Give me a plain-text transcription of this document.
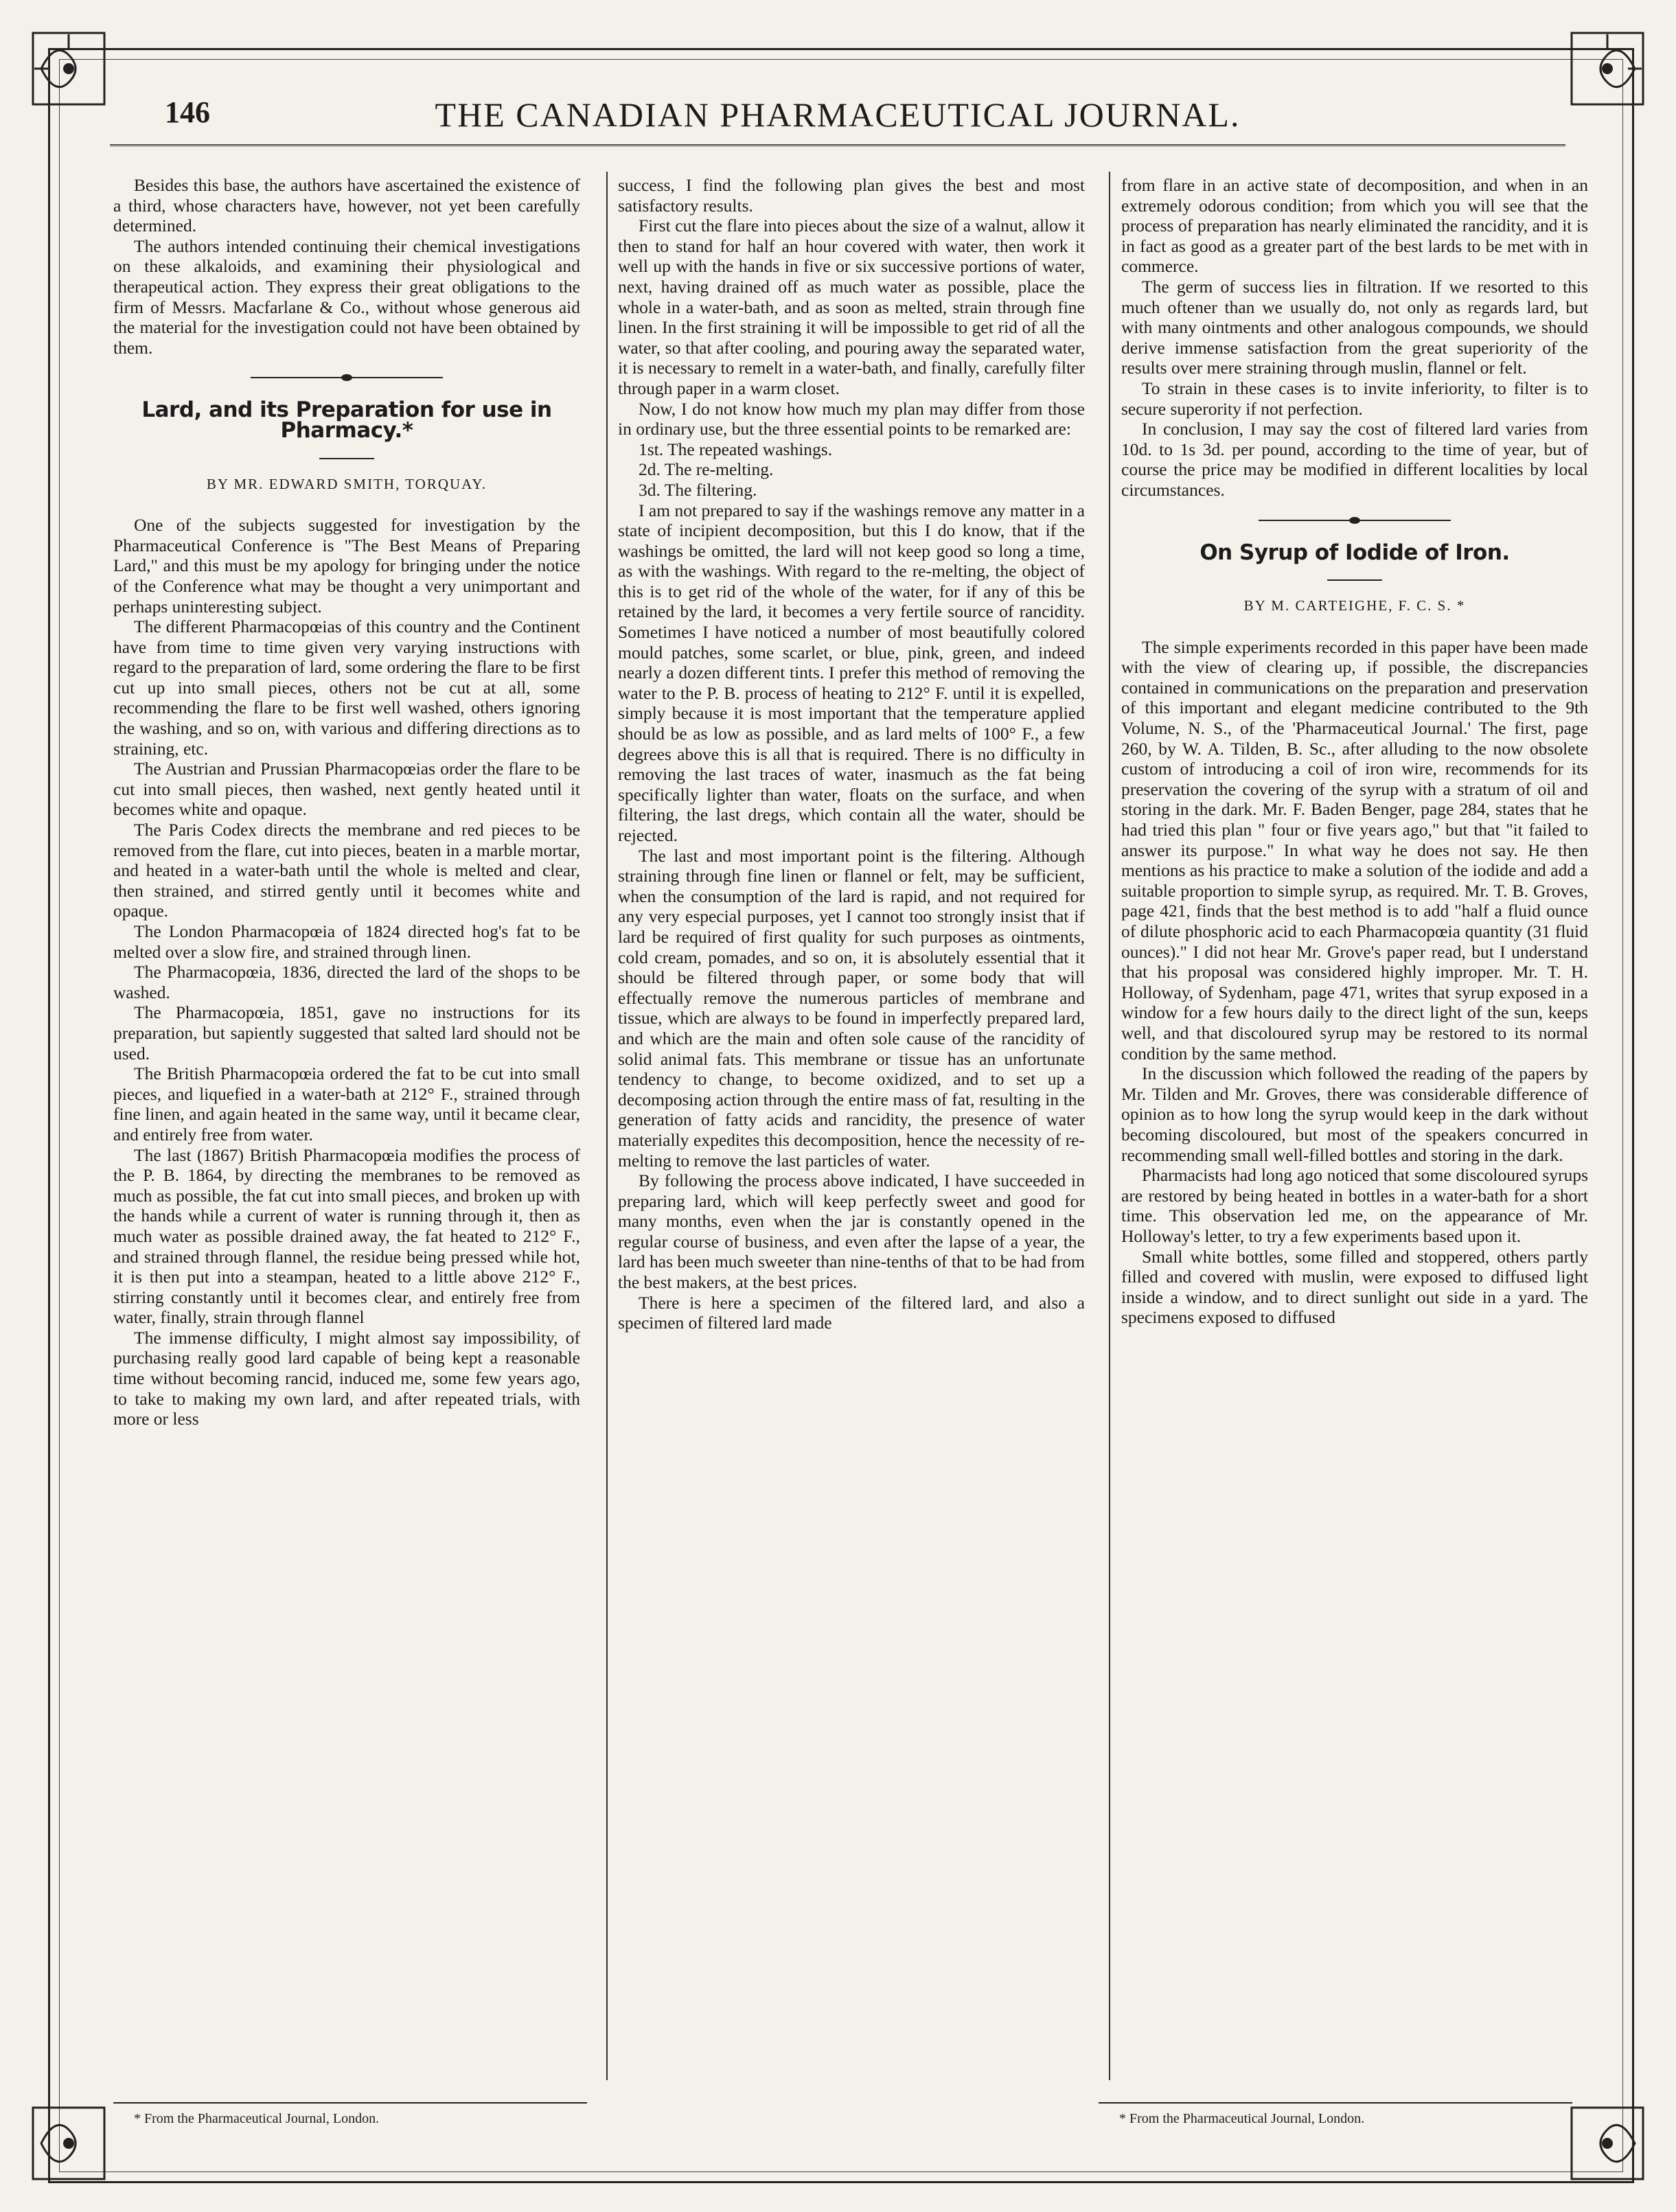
146	THE CANADIAN PHARMACEUTICAL JOURNAL.

Besides this base, the authors have ascertained the existence of a third, whose characters have, however, not yet been carefully determined.

The authors intended continuing their chemical investigations on these alkaloids, and examining their physiological and therapeutical action. They express their great obligations to the firm of Messrs. Macfarlane & Co., without whose generous aid the material for the investigation could not have been obtained by them.

Lard, and its Preparation for use in Pharmacy.*
BY MR. EDWARD SMITH, TORQUAY.

One of the subjects suggested for investigation by the Pharmaceutical Conference is "The Best Means of Preparing Lard," and this must be my apology for bringing under the notice of the Conference what may be thought a very unimportant and perhaps uninteresting subject.

The different Pharmacopœias of this country and the Continent have from time to time given very varying instructions with regard to the preparation of lard, some ordering the flare to be first cut up into small pieces, others not be cut at all, some recommending the flare to be first well washed, others ignoring the washing, and so on, with various and differing directions as to straining, etc.

The Austrian and Prussian Pharmacopœias order the flare to be cut into small pieces, then washed, next gently heated until it becomes white and opaque.

The Paris Codex directs the membrane and red pieces to be removed from the flare, cut into pieces, beaten in a marble mortar, and heated in a water-bath until the whole is melted and clear, then strained, and stirred gently until it becomes white and opaque.

The London Pharmacopœia of 1824 directed hog's fat to be melted over a slow fire, and strained through linen.

The Pharmacopœia, 1836, directed the lard of the shops to be washed.

The Pharmacopœia, 1851, gave no instructions for its preparation, but sapiently suggested that salted lard should not be used.

The British Pharmacopœia ordered the fat to be cut into small pieces, and liquefied in a water-bath at 212° F., strained through fine linen, and again heated in the same way, until it became clear, and entirely free from water.

The last (1867) British Pharmacopœia modifies the process of the P. B. 1864, by directing the membranes to be removed as much as possible, the fat cut into small pieces, and broken up with the hands while a current of water is running through it, then as much water as possible drained away, the fat heated to 212° F., and strained through flannel, the residue being pressed while hot, it is then put into a steampan, heated to a little above 212° F., stirring constantly until it becomes clear, and entirely free from water, finally, strain through flannel

The immense difficulty, I might almost say impossibility, of purchasing really good lard capable of being kept a reasonable time without becoming rancid, induced me, some few years ago, to take to making my own lard, and after repeated trials, with more or less

success, I find the following plan gives the best and most satisfactory results.

First cut the flare into pieces about the size of a walnut, allow it then to stand for half an hour covered with water, then work it well up with the hands in five or six successive portions of water, next, having drained off as much water as possible, place the whole in a water-bath, and as soon as melted, strain through fine linen. In the first straining it will be impossible to get rid of all the water, so that after cooling, and pouring away the separated water, it is necessary to remelt in a water-bath, and finally, carefully filter through paper in a warm closet.

Now, I do not know how much my plan may differ from those in ordinary use, but the three essential points to be remarked are:

1st. The repeated washings.

2d. The re-melting.

3d. The filtering.

I am not prepared to say if the washings remove any matter in a state of incipient decomposition, but this I do know, that if the washings be omitted, the lard will not keep good so long a time, as with the washings. With regard to the re-melting, the object of this is to get rid of the whole of the water, for if any of this be retained by the lard, it becomes a very fertile source of rancidity. Sometimes I have noticed a number of most beautifully colored mould patches, some scarlet, or blue, pink, green, and indeed nearly a dozen different tints. I prefer this method of removing the water to the P. B. process of heating to 212° F. until it is expelled, simply because it is most important that the temperature applied should be as low as possible, and as lard melts of 100° F., a few degrees above this is all that is required. There is no difficulty in removing the last traces of water, inasmuch as the fat being specifically lighter than water, floats on the surface, and when filtering, the last dregs, which contain all the water, should be rejected.

The last and most important point is the filtering. Although straining through fine linen or flannel or felt, may be sufficient, when the consumption of the lard is rapid, and not required for any very especial purposes, yet I cannot too strongly insist that if lard be required of first quality for such purposes as ointments, cold cream, pomades, and so on, it is absolutely essential that it should be filtered through paper, or some body that will effectually remove the numerous particles of membrane and tissue, which are always to be found in imperfectly prepared lard, and which are the main and often sole cause of the rancidity of solid animal fats. This membrane or tissue has an unfortunate tendency to change, to become oxidized, and to set up a decomposing action through the entire mass of fat, resulting in the generation of fatty acids and rancidity, the presence of water materially expedites this decomposition, hence the necessity of re-melting to remove the last particles of water.

By following the process above indicated, I have succeeded in preparing lard, which will keep perfectly sweet and good for many months, even when the jar is constantly opened in the regular course of business, and even after the lapse of a year, the lard has been much sweeter than nine-tenths of that to be had from the best makers, at the best prices.

There is here a specimen of the filtered lard, and also a specimen of filtered lard made

from flare in an active state of decomposition, and when in an extremely odorous condition; from which you will see that the process of preparation has nearly eliminated the rancidity, and it is in fact as good as a greater part of the best lards to be met with in commerce.

The germ of success lies in filtration. If we resorted to this much oftener than we usually do, not only as regards lard, but with many ointments and other analogous compounds, we should derive immense satisfaction from the great superiority of the results over mere straining through muslin, flannel or felt.

To strain in these cases is to invite inferiority, to filter is to secure superority if not perfection.

In conclusion, I may say the cost of filtered lard varies from 10d. to 1s 3d. per pound, according to the time of year, but of course the price may be modified in different localities by local circumstances.

On Syrup of Iodide of Iron.
BY M. CARTEIGHE, F. C. S. *

The simple experiments recorded in this paper have been made with the view of clearing up, if possible, the discrepancies contained in communications on the preparation and preservation of this important and elegant medicine contributed to the 9th Volume, N. S., of the 'Pharmaceutical Journal.' The first, page 260, by W. A. Tilden, B. Sc., after alluding to the now obsolete custom of introducing a coil of iron wire, recommends for its preservation the covering of the syrup with a stratum of oil and storing in the dark. Mr. F. Baden Benger, page 284, states that he had tried this plan " four or five years ago," but that "it failed to answer its purpose." In what way he does not say. He then mentions as his practice to make a solution of the iodide and add a suitable proportion to simple syrup, as required. Mr. T. B. Groves, page 421, finds that the best method is to add "half a fluid ounce of dilute phosphoric acid to each Pharmacopœia quantity (31 fluid ounces)." I did not hear Mr. Grove's paper read, but I understand that his proposal was considered highly improper. Mr. T. H. Holloway, of Sydenham, page 471, writes that syrup exposed in a window for a few hours daily to the direct light of the sun, keeps well, and that discoloured syrup may be restored to its normal condition by the same method.

In the discussion which followed the reading of the papers by Mr. Tilden and Mr. Groves, there was considerable difference of opinion as to how long the syrup would keep in the dark without becoming discoloured, but most of the speakers concurred in recommending small well-filled bottles and storing in the dark.

Pharmacists had long ago noticed that some discoloured syrups are restored by being heated in bottles in a water-bath for a short time. This observation led me, on the appearance of Mr. Holloway's letter, to try a few experiments based upon it.

Small white bottles, some filled and stoppered, others partly filled and covered with muslin, were exposed to diffused light inside a window, and to direct sunlight out side in a yard. The specimens exposed to diffused

* From the Pharmaceutical Journal, London.	* From the Pharmaceutical Journal, London.
